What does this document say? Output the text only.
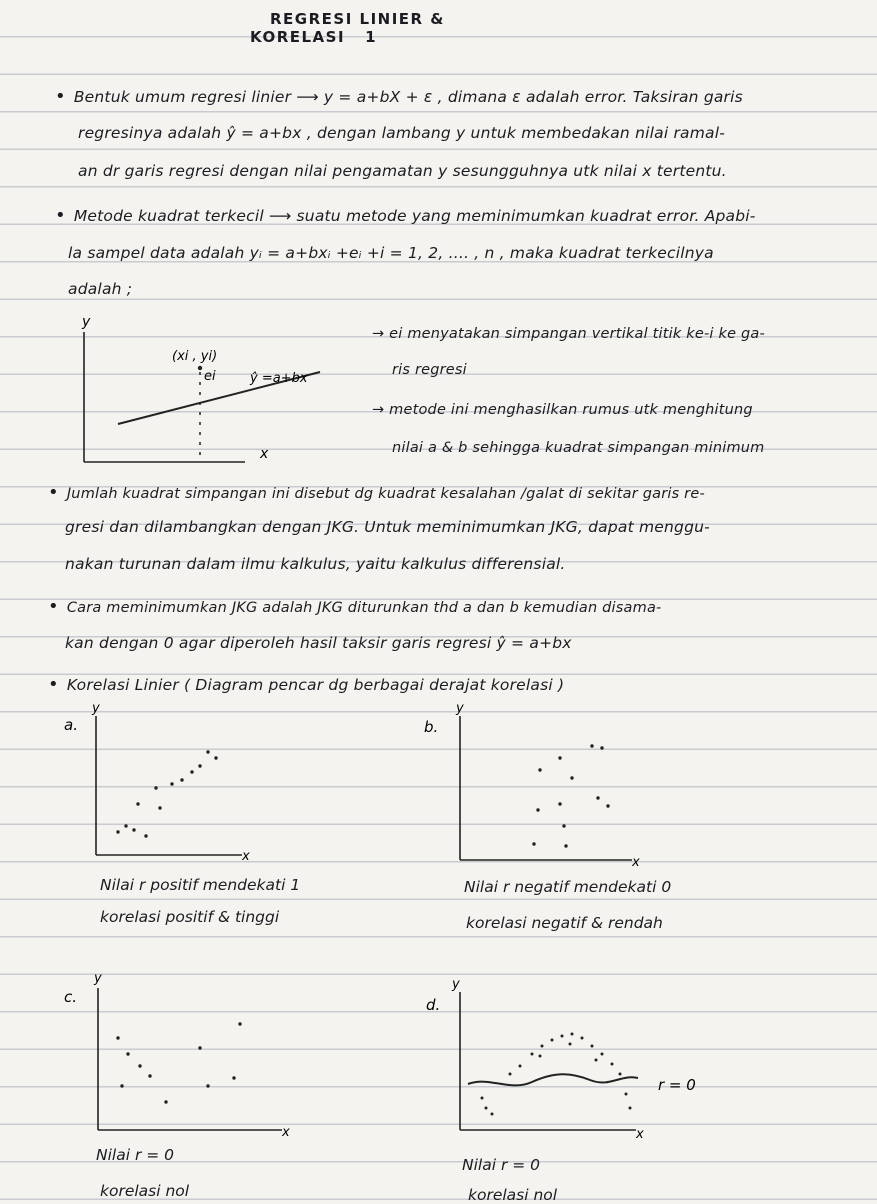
REGRESI LINIER & KORELASI 1
• Bentuk umum regresi linier ⟶ y = a+bX + ε , dimana ε adalah error. Taksiran garis
regresinya adalah ŷ = a+bx , dengan lambang y untuk membedakan nilai ramal-
an dr garis regresi dengan nilai pengamatan y sesungguhnya utk nilai x tertentu.
• Metode kuadrat terkecil ⟶ suatu metode yang meminimumkan kuadrat error. Apabi-
la sampel data adalah yᵢ = a+bxᵢ +eᵢ +i = 1, 2, .... , n , maka kuadrat terkecilnya
adalah ;
y
x
(xi , yi)
ei	ŷ =a+bx
→ ei menyatakan simpangan vertikal titik ke-i ke ga-
ris regresi
→ metode ini menghasilkan rumus utk menghitung
nilai a & b sehingga kuadrat simpangan minimum
• Jumlah kuadrat simpangan ini disebut dg kuadrat kesalahan /galat di sekitar garis re-
gresi dan dilambangkan dengan JKG. Untuk meminimumkan JKG, dapat menggu-
nakan turunan dalam ilmu kalkulus, yaitu kalkulus differensial.
• Cara meminimumkan JKG adalah JKG diturunkan thd a dan b kemudian disama-
kan dengan 0 agar diperoleh hasil taksir garis regresi ŷ = a+bx
• Korelasi Linier ( Diagram pencar dg berbagai derajat korelasi )
a.
y
x
Nilai r positif mendekati 1
korelasi positif & tinggi
b.
y
x
Nilai r negatif mendekati 0
korelasi negatif & rendah
c.
y
x
Nilai r = 0
korelasi nol
d.
y
x
r = 0
Nilai r = 0
korelasi nol
